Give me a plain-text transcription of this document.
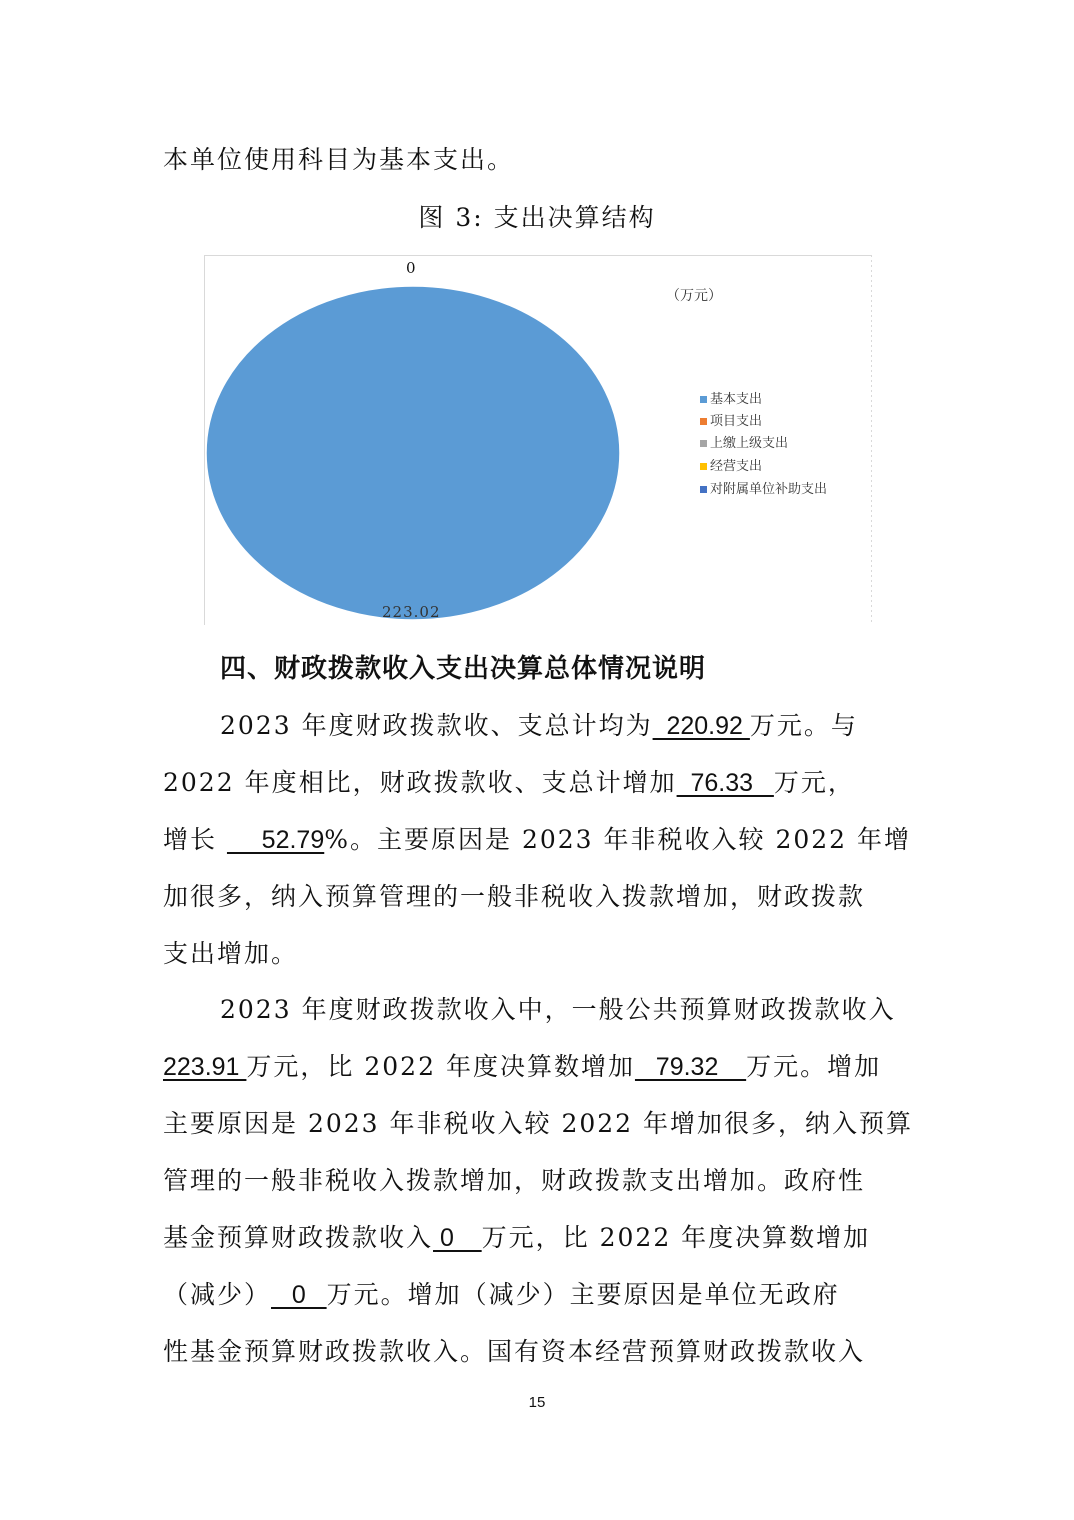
本单位使用科目为基本支出。
图 3: 支出决算结构
0
223.02
（万元）
基本支出
项目支出
上缴上级支出
经营支出
对附属单位补助支出
四、财政拨款收入支出决算总体情况说明
2023 年度财政拨款收、支总计均为  220.92 万元。与
2022 年度相比，财政拨款收、支总计增加  76.33   万元，
增长      52.79%。主要原因是 2023 年非税收入较 2022 年增
加很多，纳入预算管理的一般非税收入拨款增加，财政拨款
支出增加。
2023 年度财政拨款收入中，一般公共预算财政拨款收入
223.91 万元，比 2022 年度决算数增加   79.32    万元。增加
主要原因是 2023 年非税收入较 2022 年增加很多，纳入预算
管理的一般非税收入拨款增加，财政拨款支出增加。政府性
基金预算财政拨款收入 0    万元，比 2022 年度决算数增加
（减少）   0   万元。增加（减少）主要原因是单位无政府
性基金预算财政拨款收入。国有资本经营预算财政拨款收入
15
